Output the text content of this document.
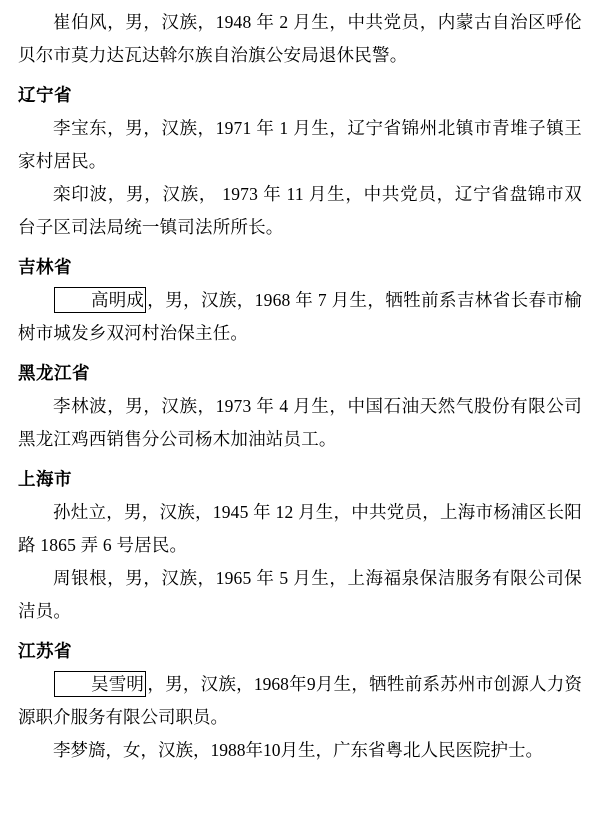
崔伯风，男，汉族，1948 年 2 月生，中共党员，内蒙古自治区呼伦贝尔市莫力达瓦达斡尔族自治旗公安局退休民警。

辽宁省

李宝东，男，汉族，1971 年 1 月生，辽宁省锦州北镇市青堆子镇王家村居民。

栾印波，男，汉族， 1973 年 11 月生，中共党员，辽宁省盘锦市双台子区司法局统一镇司法所所长。

吉林省

高明成 ，男，汉族，1968 年 7 月生，牺牲前系吉林省长春市榆树市城发乡双河村治保主任。

黑龙江省

李林波，男，汉族，1973 年 4 月生，中国石油天然气股份有限公司黑龙江鸡西销售分公司杨木加油站员工。

上海市

孙灶立，男，汉族，1945 年 12 月生，中共党员，上海市杨浦区长阳路 1865 弄 6 号居民。

周银根，男，汉族，1965 年 5 月生，上海福泉保洁服务有限公司保洁员。

江苏省

吴雪明 ，男，汉族，1968年9月生，牺牲前系苏州市创源人力资源职介服务有限公司职员。

李梦旖，女，汉族，1988年10月生，广东省粤北人民医院护士。
